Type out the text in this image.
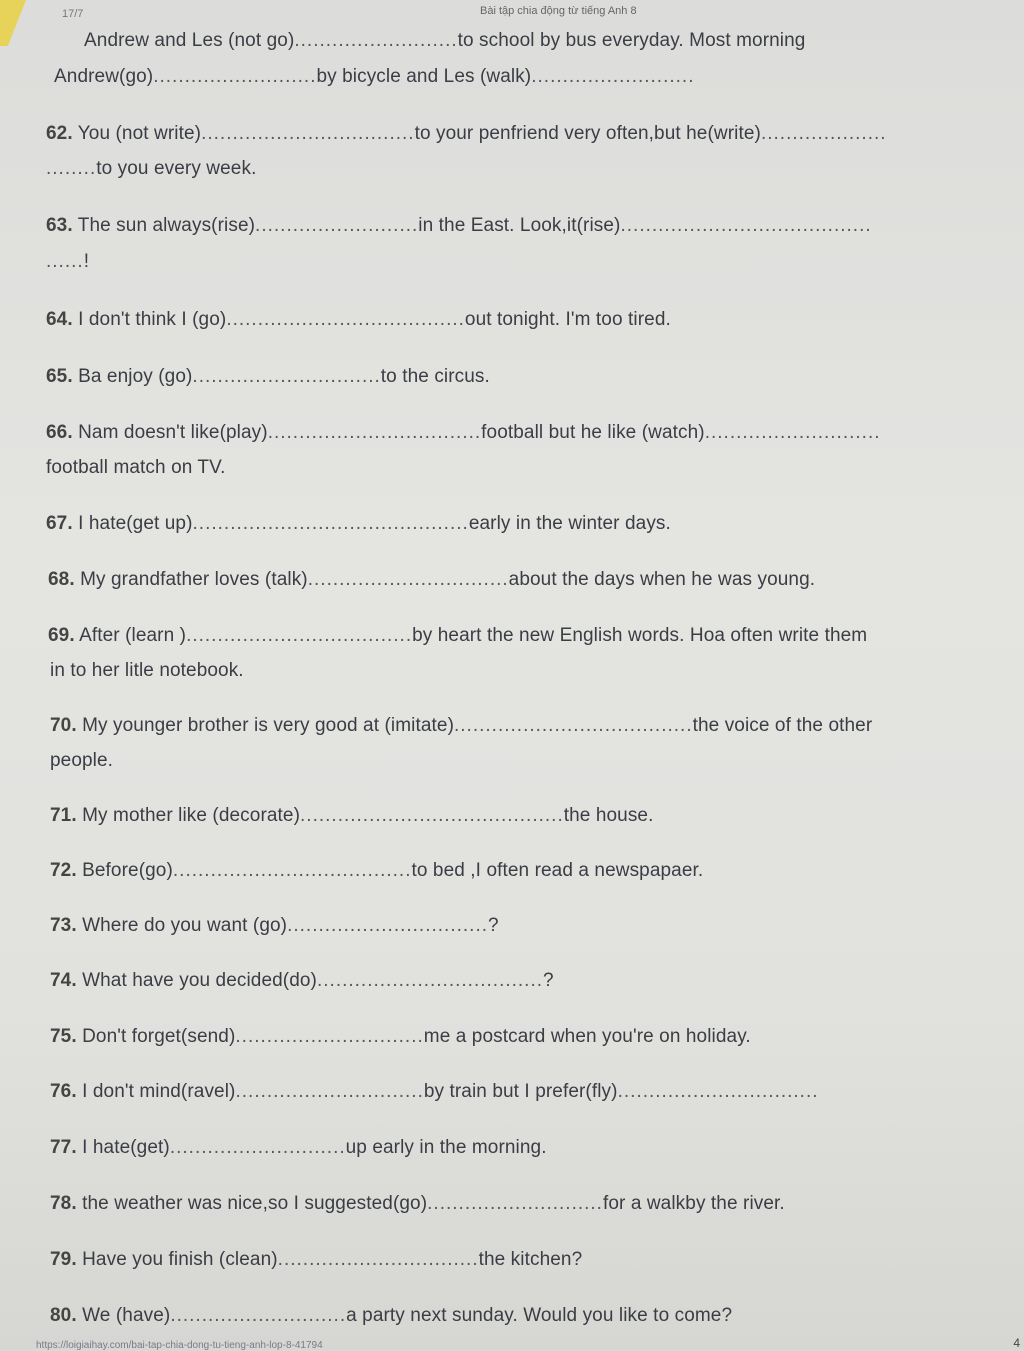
17/7	Bài tập chia động từ tiếng Anh 8
Andrew and Les (not go)..........................to school by bus everyday. Most morning
Andrew(go)..........................by bicycle and Les (walk)..........................
62. You (not write)..................................to your penfriend very often,but he(write)....................
........to you every week.
63. The sun always(rise)..........................in the East. Look,it(rise)........................................
......!
64. I don't think I (go)......................................out tonight. I'm too tired.
65. Ba enjoy (go)..............................to the circus.
66. Nam doesn't like(play)..................................football but he like (watch)............................
football match on TV.
67. I hate(get up)............................................early in the winter days.
68. My grandfather loves (talk)................................about the days when he was young.
69. After (learn )....................................by heart the new English words. Hoa often write them
in to her litle notebook.
70. My younger brother is very good at (imitate)......................................the voice of the other
people.
71. My mother like (decorate)..........................................the house.
72. Before(go)......................................to bed ,I often read a newspapaer.
73. Where do you want (go)................................?
74. What have you decided(do)....................................?
75. Don't forget(send)..............................me a postcard when you're on holiday.
76. I don't mind(ravel)..............................by train but I prefer(fly)................................
77. I hate(get)............................up early in the morning.
78. the weather was nice,so I suggested(go)............................for a walkby the river.
79. Have you finish (clean)................................the kitchen?
80. We (have)............................a party next sunday. Would you like to come?
https://loigiaihay.com/bai-tap-chia-dong-tu-tieng-anh-lop-8-41794	4
